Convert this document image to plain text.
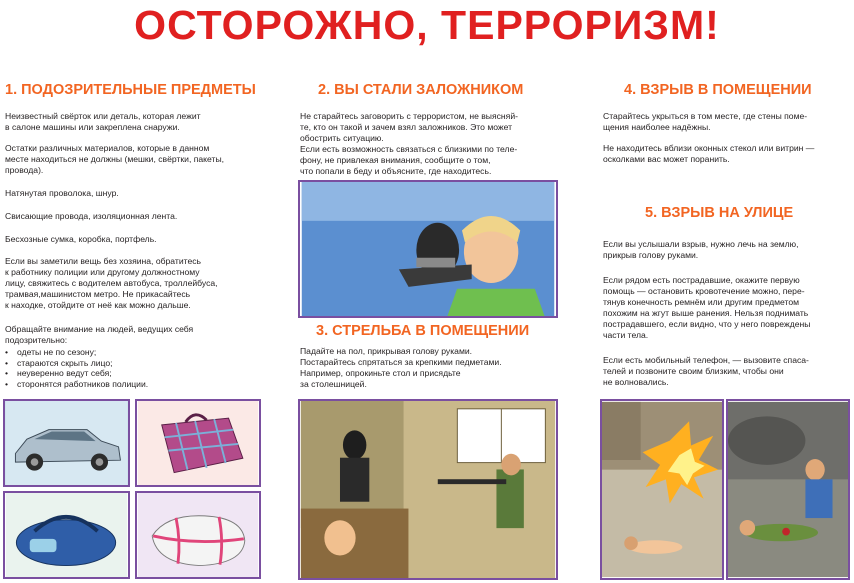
ОСТОРОЖНО, ТЕРРОРИЗМ!
1. ПОДОЗРИТЕЛЬНЫЕ ПРЕДМЕТЫ
Неизвестный свёрток или деталь, которая лежит
в салоне машины или закреплена снаружи.
Остатки различных материалов, которые в данном
месте находиться не должны (мешки, свёртки, пакеты,
провода).
Натянутая проволока, шнур.
Свисающие провода, изоляционная лента.
Бесхозные сумка, коробка, портфель.
Если вы заметили вещь без хозяина, обратитесь
к работнику полиции или другому должностному
лицу, свяжитесь с водителем автобуса, троллейбуса,
трамвая,машинистом метро. Не прикасайтесь
к находке, отойдите от неё как можно дальше.
Обращайте внимание на людей, ведущих себя
подозрительно:
• одеты не по сезону;
• стараются скрыть лицо;
• неуверенно ведут себя;
• сторонятся работников полиции.
2. ВЫ СТАЛИ ЗАЛОЖНИКОМ
Не старайтесь заговорить с террористом, не выясняй-
те, кто он такой и зачем взял заложников. Это может
обострить ситуацию.
Если есть возможность связаться с близкими по теле-
фону, не привлекая внимания, сообщите о том,
что попали в беду и объясните, где находитесь.
3. СТРЕЛЬБА В ПОМЕЩЕНИИ
Падайте на пол, прикрывая голову руками.
Постарайтесь спрятаться за крепкими педметами.
Например, опрокиньте стол и присядьте
за столешницей.
4. ВЗРЫВ В ПОМЕЩЕНИИ
Старайтесь укрыться в том месте, где стены поме-
щения наиболее надёжны.
Не находитесь вблизи оконных стекол или витрин —
осколками вас может поранить.
5. ВЗРЫВ НА УЛИЦЕ
Если вы услышали взрыв, нужно лечь на землю,
прикрыв голову руками.
Если рядом есть пострадавшие, окажите первую
помощь — остановить кровотечение можно, пере-
тянув конечность ремнём или другим предметом
похожим на жгут выше ранения. Нельзя поднимать
пострадавшего, если видно, что у него повреждены
части тела.
Если есть мобильный телефон, — вызовите спаса-
телей и позвоните своим близким, чтобы они
не волновались.
